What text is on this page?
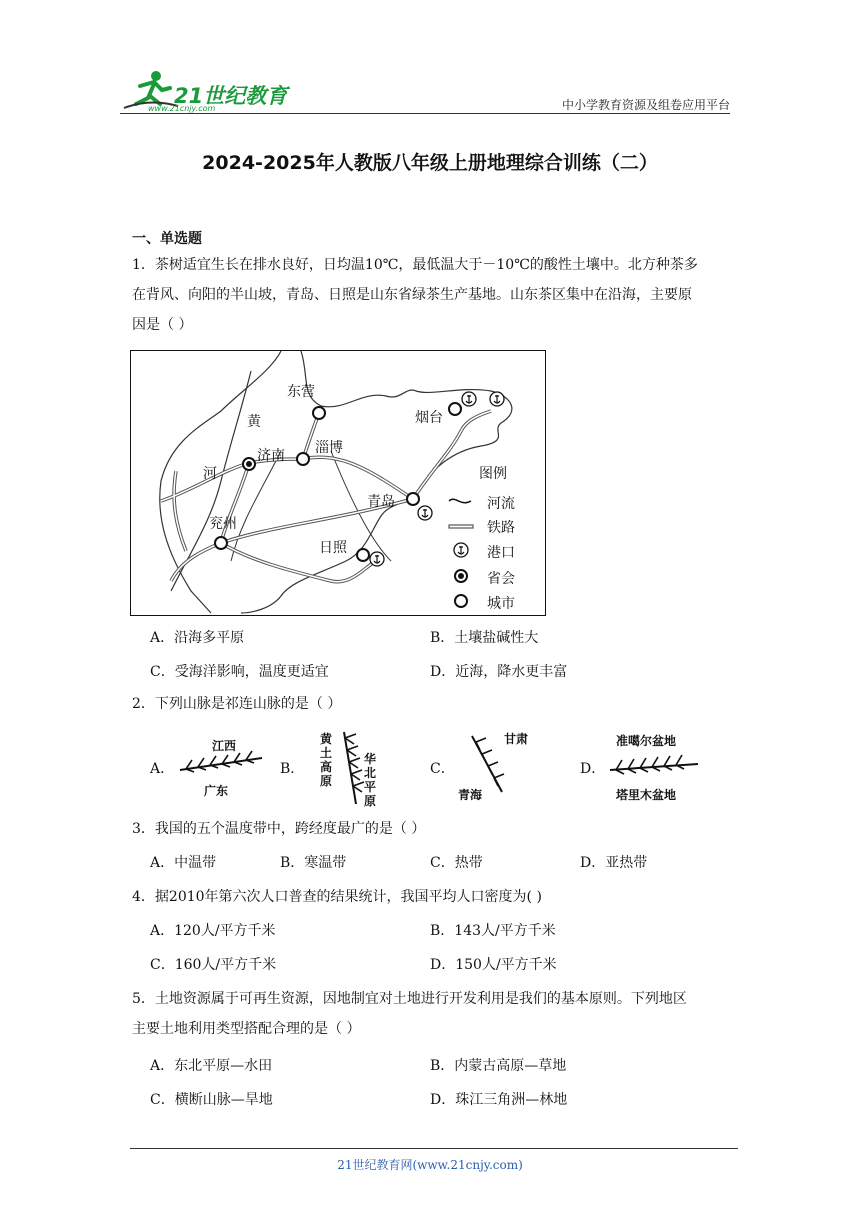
21世纪教育
www.21cnjy.com	中小学教育资源及组卷应用平台
2024-2025年人教版八年级上册地理综合训练（二）
一、单选题
1．茶树适宜生长在排水良好，日均温10℃，最低温大于－10℃的酸性土壤中。北方种茶多
在背风、向阳的半山坡，青岛、日照是山东省绿茶生产基地。山东茶区集中在沿海，主要原
因是（ ）
东营
烟台
济南 淄博
青岛
兖州
日照
黄
河	图例
河流
铁路
港口
省会
城市
A．沿海多平原	B．土壤盐碱性大
C．受海洋影响，温度更适宜	D．近海，降水更丰富
2．下列山脉是祁连山脉的是（ ）
A．	B．	C．	D．
江西
广东
黄土高原
华北平原
甘肃
青海
准噶尔盆地
塔里木盆地
3．我国的五个温度带中，跨经度最广的是（ ）
A．中温带	B．寒温带	C．热带	D．亚热带
4．据2010年第六次人口普查的结果统计，我国平均人口密度为( )
A．120人/平方千米	B．143人/平方千米
C．160人/平方千米	D．150人/平方千米
5．土地资源属于可再生资源，因地制宜对土地进行开发利用是我们的基本原则。下列地区
主要土地利用类型搭配合理的是（ ）
A．东北平原—水田	B．内蒙古高原—草地
C．横断山脉—旱地	D．珠江三角洲—林地
21世纪教育网(www.21cnjy.com)
